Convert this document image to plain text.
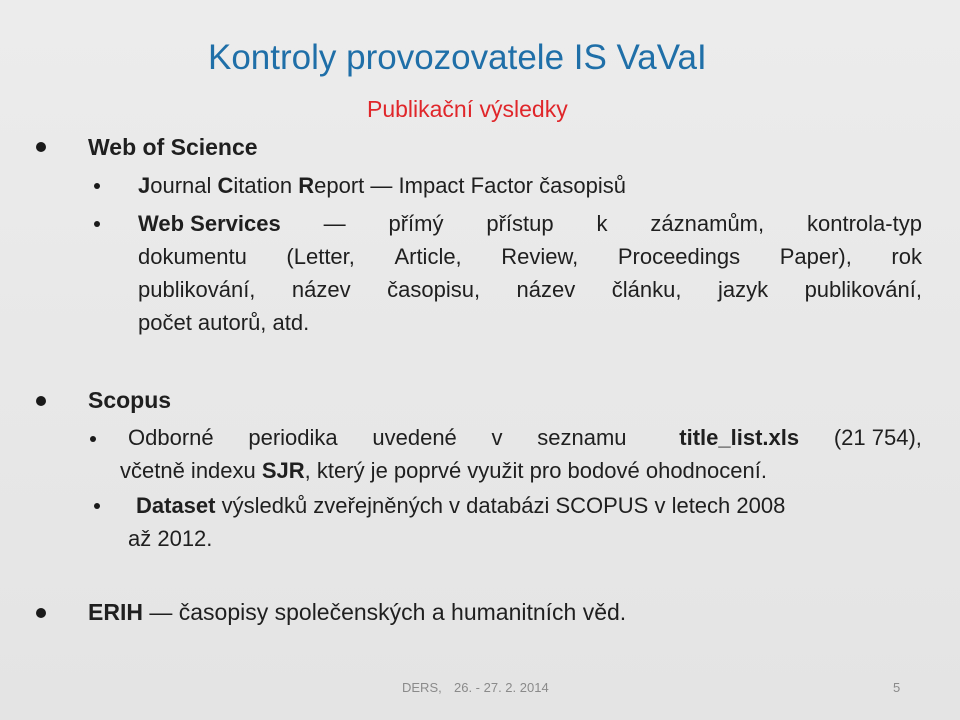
Kontroly provozovatele IS VaVaI
Publikační výsledky
Web of Science
Journal Citation Report — Impact Factor časopisů
Web Services — přímý přístup k záznamům, kontrola-typ
dokumentu (Letter, Article, Review, Proceedings Paper), rok
publikování, název časopisu, název článku, jazyk publikování,
počet autorů, atd.
Scopus
Odborné periodika uvedené v seznamu title_list.xls (21 754),
včetně indexu SJR, který je poprvé využit pro bodové ohodnocení.
Dataset výsledků zveřejněných v databázi SCOPUS v letech 2008
až 2012.
ERIH — časopisy společenských a humanitních věd.
DERS, 26. - 27. 2. 2014	5
